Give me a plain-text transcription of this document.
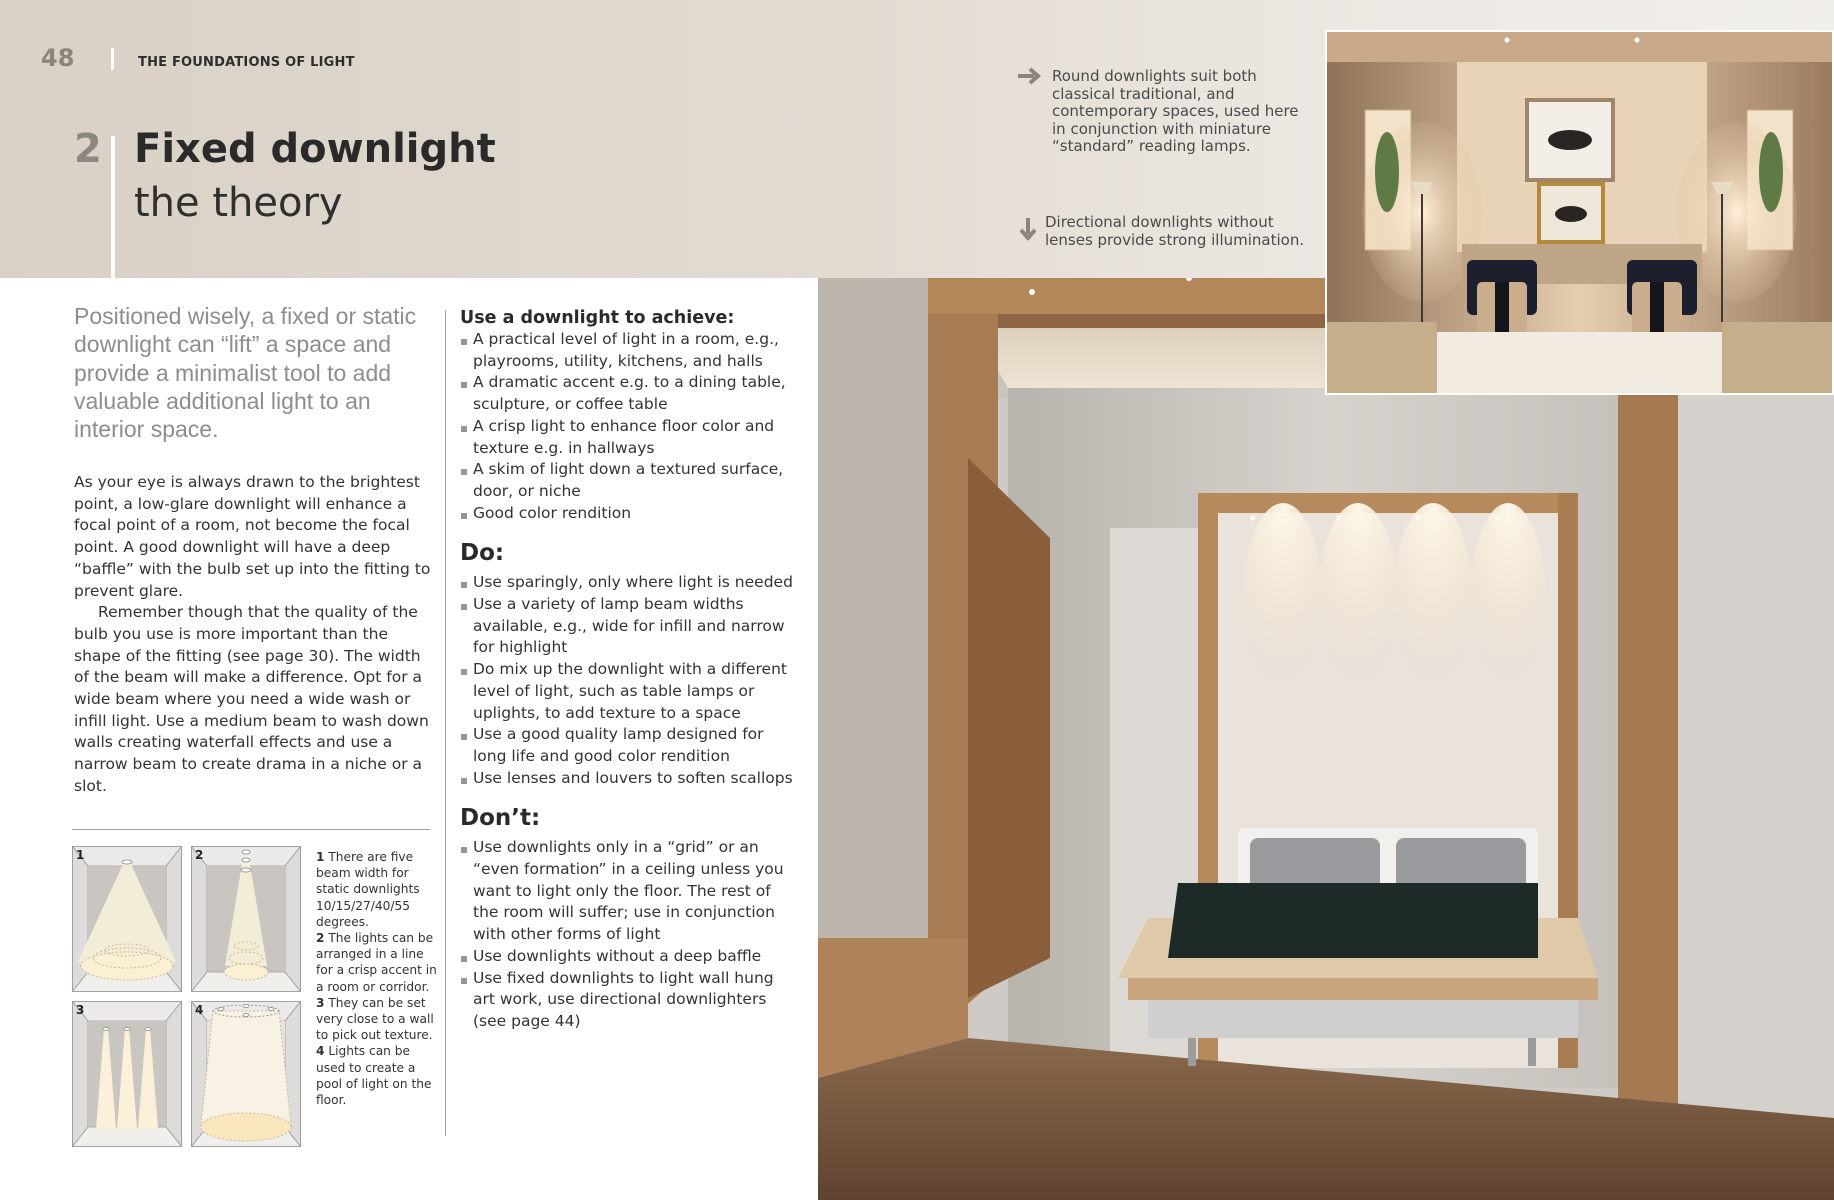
48	THE FOUNDATIONS OF LIGHT
2 Fixed downlight
the theory
Round downlights suit both classical traditional, and contemporary spaces, used here in conjunction with miniature “standard” reading lamps.
Directional downlights without lenses provide strong illumination.
Positioned wisely, a fixed or static downlight can “lift” a space and provide a minimalist tool to add valuable additional light to an interior space.

As your eye is always drawn to the brightest point, a low-glare downlight will enhance a focal point of a room, not become the focal point. A good downlight will have a deep “baffle” with the bulb set up into the fitting to prevent glare.

Remember though that the quality of the bulb you use is more important than the shape of the fitting (see page 30). The width of the beam will make a difference. Opt for a wide beam where you need a wide wash or infill light. Use a medium beam to wash down walls creating waterfall effects and use a narrow beam to create drama in a niche or a slot.

Use a downlight to achieve:
A practical level of light in a room, e.g., playrooms, utility, kitchens, and halls
A dramatic accent e.g. to a dining table, sculpture, or coffee table
A crisp light to enhance floor color and texture e.g. in hallways
A skim of light down a textured surface, door, or niche
Good color rendition
Do:
Use sparingly, only where light is needed
Use a variety of lamp beam widths available, e.g., wide for infill and narrow for highlight
Do mix up the downlight with a different level of light, such as table lamps or uplights, to add texture to a space
Use a good quality lamp designed for long life and good color rendition
Use lenses and louvers to soften scallops
Don’t:
Use downlights only in a “grid” or an “even formation” in a ceiling unless you want to light only the floor. The rest of the room will suffer; use in conjunction with other forms of light
Use downlights without a deep baffle
Use fixed downlights to light wall hung art work, use directional downlighters (see page 44)
1	2
3	4
1 There are five beam width for static downlights 10/15/27/40/55 degrees.
2 The lights can be arranged in a line for a crisp accent in a room or corridor.
3 They can be set very close to a wall to pick out texture.
4 Lights can be used to create a pool of light on the floor.
